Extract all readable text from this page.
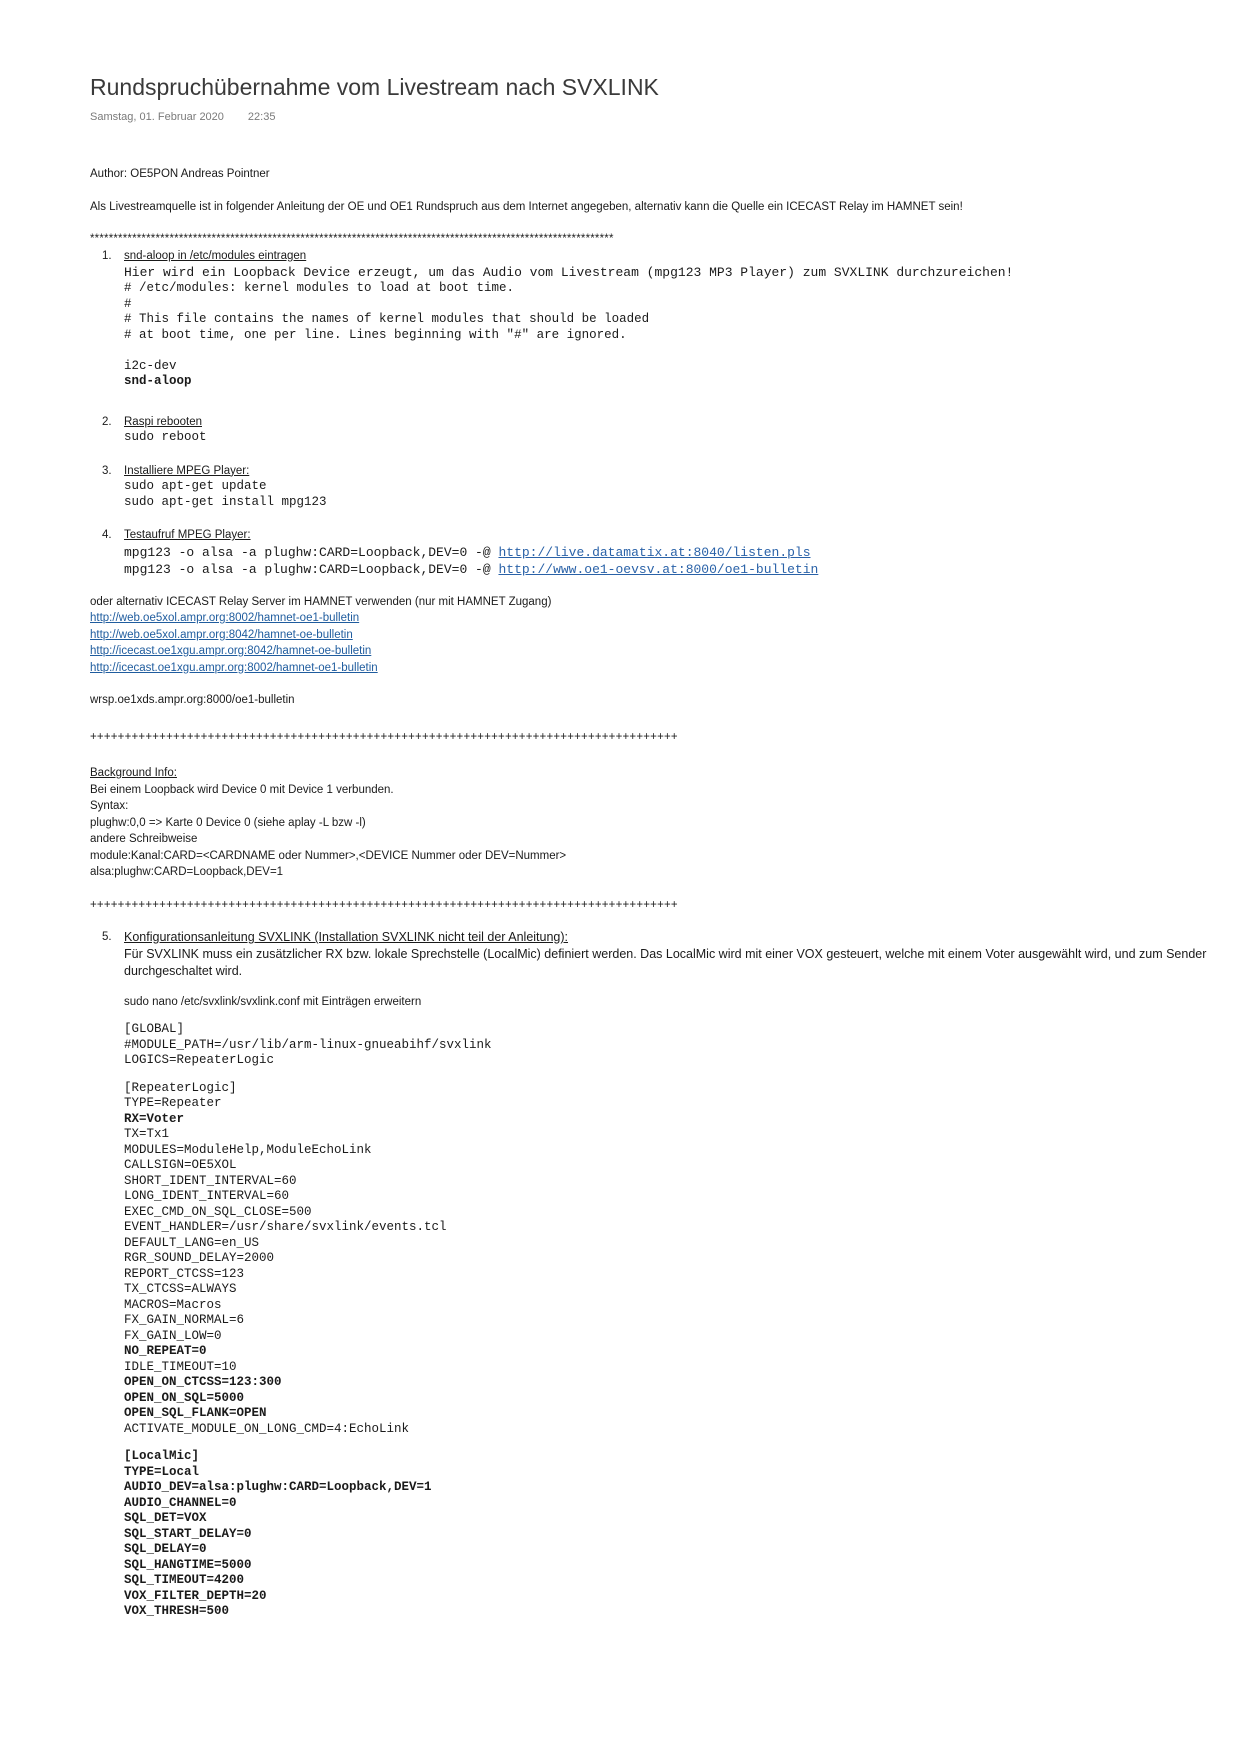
Rundspruchübernahme vom Livestream nach SVXLINK
Samstag, 01. Februar 2020 22:35

Author: OE5PON Andreas Pointner

Als Livestreamquelle ist in folgender Anleitung der OE und OE1 Rundspruch aus dem Internet angegeben, alternativ kann die Quelle ein ICECAST Relay im HAMNET sein!

****************************************************************************************************************

1. snd-aloop in /etc/modules eintragen
Hier wird ein Loopback Device erzeugt, um das Audio vom Livestream (mpg123 MP3 Player) zum SVXLINK durchzureichen!
# /etc/modules: kernel modules to load at boot time.
#
# This file contains the names of kernel modules that should be loaded
# at boot time, one per line. Lines beginning with "#" are ignored.

i2c-dev
snd-aloop
2. Raspi rebooten
sudo reboot
3. Installiere MPEG Player:
sudo apt-get update
sudo apt-get install mpg123
4. Testaufruf MPEG Player:
mpg123 -o alsa -a plughw:CARD=Loopback,DEV=0 -@ http://live.datamatix.at:8040/listen.pls
mpg123 -o alsa -a plughw:CARD=Loopback,DEV=0 -@ http://www.oe1-oevsv.at:8000/oe1-bulletin

oder alternativ ICECAST Relay Server im HAMNET verwenden (nur mit HAMNET Zugang)

http://web.oe5xol.ampr.org:8002/hamnet-oe1-bulletin
http://web.oe5xol.ampr.org:8042/hamnet-oe-bulletin
http://icecast.oe1xgu.ampr.org:8042/hamnet-oe-bulletin
http://icecast.oe1xgu.ampr.org:8002/hamnet-oe1-bulletin

wrsp.oe1xds.ampr.org:8000/oe1-bulletin

+++++++++++++++++++++++++++++++++++++++++++++++++++++++++++++++++++++++++++++++++++++

Background Info:
Bei einem Loopback wird Device 0 mit Device 1 verbunden.
Syntax:
plughw:0,0 => Karte 0 Device 0 (siehe aplay -L bzw -l)
andere Schreibweise
module:Kanal:CARD=<CARDNAME oder Nummer>,<DEVICE Nummer oder DEV=Nummer>
alsa:plughw:CARD=Loopback,DEV=1

+++++++++++++++++++++++++++++++++++++++++++++++++++++++++++++++++++++++++++++++++++++

5. Konfigurationsanleitung SVXLINK (Installation SVXLINK nicht teil der Anleitung):
Für SVXLINK muss ein zusätzlicher RX bzw. lokale Sprechstelle (LocalMic) definiert werden. Das LocalMic wird mit einer VOX gesteuert, welche mit einem Voter ausgewählt wird, und zum Sender durchgeschaltet wird.
sudo nano /etc/svxlink/svxlink.conf mit Einträgen erweitern
[GLOBAL]
#MODULE_PATH=/usr/lib/arm-linux-gnueabihf/svxlink
LOGICS=RepeaterLogic
[RepeaterLogic]
TYPE=Repeater
RX=Voter
TX=Tx1
MODULES=ModuleHelp,ModuleEchoLink
CALLSIGN=OE5XOL
SHORT_IDENT_INTERVAL=60
LONG_IDENT_INTERVAL=60
EXEC_CMD_ON_SQL_CLOSE=500
EVENT_HANDLER=/usr/share/svxlink/events.tcl
DEFAULT_LANG=en_US
RGR_SOUND_DELAY=2000
REPORT_CTCSS=123
TX_CTCSS=ALWAYS
MACROS=Macros
FX_GAIN_NORMAL=6
FX_GAIN_LOW=0
NO_REPEAT=0
IDLE_TIMEOUT=10
OPEN_ON_CTCSS=123:300
OPEN_ON_SQL=5000
OPEN_SQL_FLANK=OPEN
ACTIVATE_MODULE_ON_LONG_CMD=4:EchoLink
[LocalMic]
TYPE=Local
AUDIO_DEV=alsa:plughw:CARD=Loopback,DEV=1
AUDIO_CHANNEL=0
SQL_DET=VOX
SQL_START_DELAY=0
SQL_DELAY=0
SQL_HANGTIME=5000
SQL_TIMEOUT=4200
VOX_FILTER_DEPTH=20
VOX_THRESH=500
